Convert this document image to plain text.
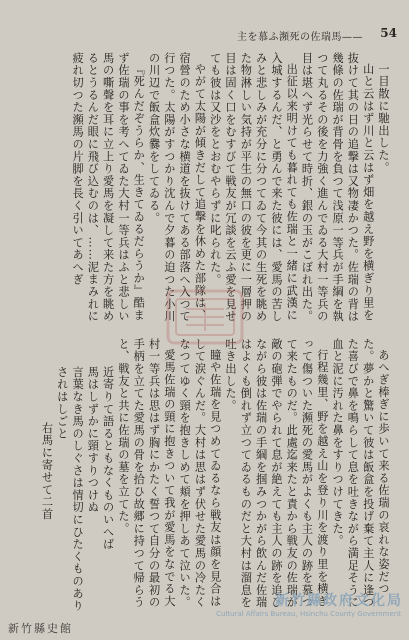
主を慕ふ瀕死の佐瑞馬—— 54

一目散に馳出した。

山と云はず川と云はず畑を越え野を横ぎり里を抜けて其の日の追撃は又物凄かつた。佐瑞の背は幾條の佐瑞が背骨を負つて浅原一等兵が手綱を執つて丸るその後を力強く進んでゐる大村一等兵の目は堪へず光らせて時折、銀の玉がこぼれ出た。

出征以来明けても暮れても佐瑞と一緒に武漢に入城するんだ、と勇んで来た彼には、愛馬の苦しみと悲しみが充分に分つてゐて今其の生死を眺めた物淋しい気持が平生の無口の彼を更に一層押の目は固く口をむすびて戦友が冗談を云ふ愛を見せても彼は又沙をとおむやらずに叱られた。

やがて太陽が傾きだして追撃を休めた部隊は、宿營のため小さな横道を抜けてある部落へ入つて行つた。太陽がすつかり沈んで夕暮の迫つた小川の川辺で飯盒炊爨をしてゐる。

『死んだぞうらか、生きてゐるだらうか』酷まず佐瑞の事を考へてゐた大村一等兵はふと悲しい馬の嘶聲を耳に立上り愛馬を凝して来た方を眺めるとうるんだ眼に飛び込むのは、……泥まみれに疲れ切つた瀕馬の片脚を長く引いてあへぎ

あへぎ棒ぎに歩いて来る佐瑞の哀れな姿だつた。夢かと驚いて彼は飯盒を投げ棄て主人に逢つた喜びで鼻を鳴らして息を吐きながら満足そうに血と泥に汚れた鼻をすりつけてきた。

行程幾里、野を越え山を登り川を渡り里を横ぎって傷ついた瀕死の愛馬がよくも主人の跡を慕つて来たものだ。此處迄来たと責から戦友の佐瑞が敵の砲弾でやられて息が絶えても主人の跡を追ひながら彼は佐瑞の手綱を掴みつかがら飲んだ佐瑞はよくも倒れず立つてゐるものだと大村は溜息を吐き出した。

瞳や佐瑞を見つめてゐるなら戦友は顔を見合はして涙ぐんだ。大村は思はず伏せた愛馬の冷たくなつてゆく頸を抱きしめて頬を押しあて泣いた。

愛馬佐瑞の頸に抱きついて我が愛馬をなでる大村一等兵は思はず胸にかたく誓つて自分の最初の手柄を立てた愛馬の骨を拾ひ故郷に持つて帰らうと、戦友と共に佐瑞の墓を立てた。

近寄りて語るともなくものいへば
馬はしずかに頸すりつけぬ
言葉なき馬のしぐさは情切にひたくものあり
されはしごと
右馬に寄せて二首
新竹縣政府文化局
Cultural Affairs Bureau, Hsinchu County Government
新竹縣史館
